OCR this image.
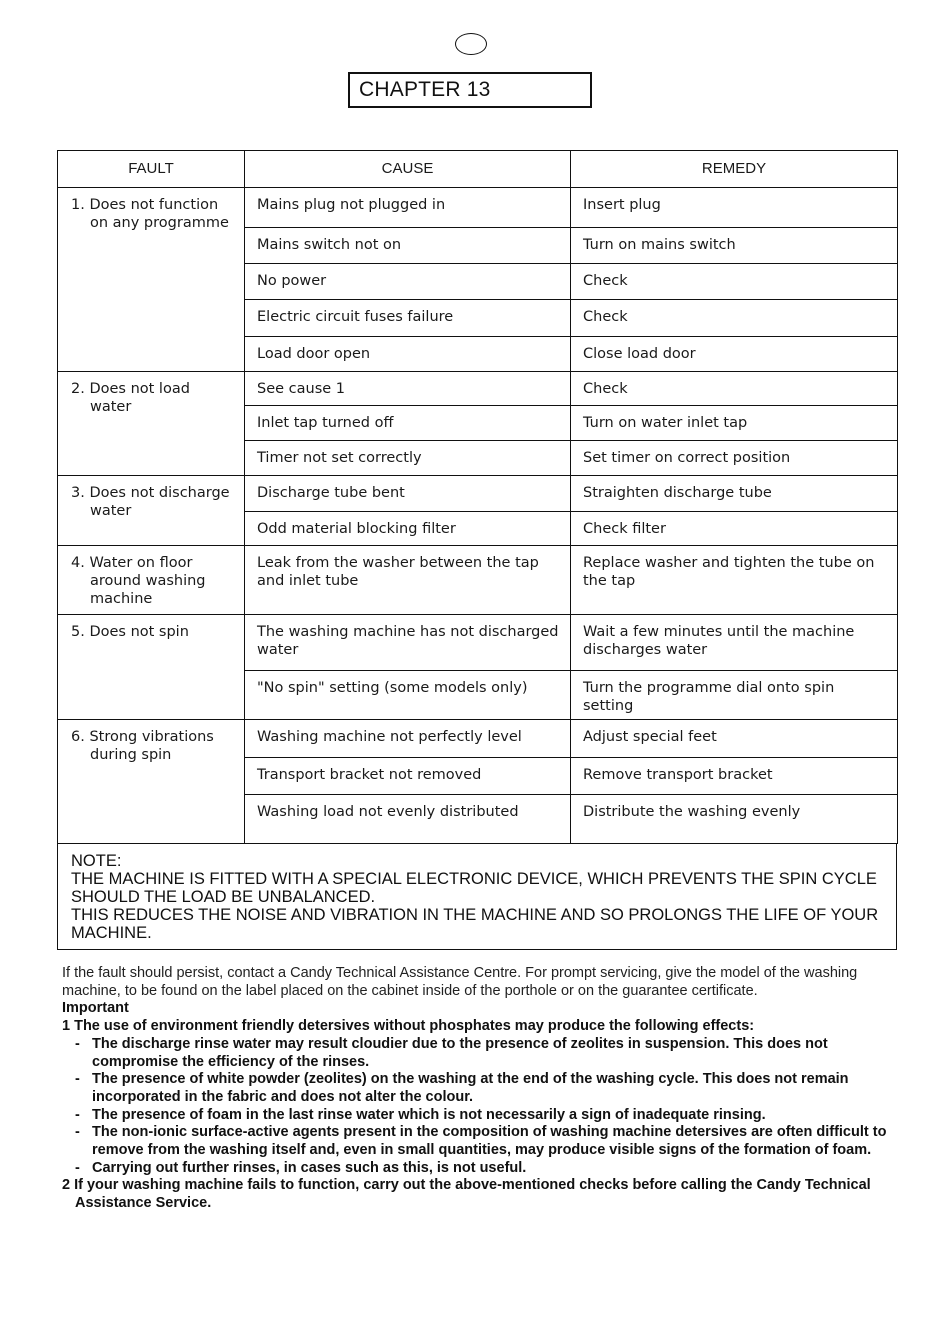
CHAPTER 13
FAULT	CAUSE	REMEDY

1. Does not function on any programme	Mains plug not plugged in	Insert plug
	Mains switch not on	Turn on mains switch
	No power	Check
	Electric circuit fuses failure	Check
	Load door open	Close load door

2. Does not load water	See cause 1	Check
	Inlet tap turned off	Turn on water inlet tap
	Timer not set correctly	Set timer on correct position

3. Does not discharge water	Discharge tube bent	Straighten discharge tube
	Odd material blocking filter	Check filter

4. Water on floor around washing machine	Leak from the washer between the tap and inlet tube	Replace washer and tighten the tube on the tap

5. Does not spin	The washing machine has not discharged water	Wait a few minutes until the machine discharges water
	"No spin" setting (some models only)	Turn the programme dial onto spin setting

6. Strong vibrations during spin	Washing machine not perfectly level	Adjust special feet
	Transport bracket not removed	Remove transport bracket
	Washing load not evenly distributed	Distribute the washing evenly
NOTE:
THE MACHINE IS FITTED WITH A SPECIAL ELECTRONIC DEVICE, WHICH PREVENTS THE SPIN CYCLE
SHOULD THE LOAD BE UNBALANCED.
THIS REDUCES THE NOISE AND VIBRATION IN THE MACHINE AND SO PROLONGS THE LIFE OF YOUR
MACHINE.
If the fault should persist, contact a Candy Technical Assistance Centre. For prompt servicing, give the model of the washing machine, to be found on the label placed on the cabinet inside of the porthole or on the guarantee certificate.
Important
1 The use of environment friendly detersives without phosphates may produce the following effects:
- The discharge rinse water may result cloudier due to the presence of zeolites in suspension. This does not compromise the efficiency of the rinses.
- The presence of white powder (zeolites) on the washing at the end of the washing cycle. This does not remain incorporated in the fabric and does not alter the colour.
- The presence of foam in the last rinse water which is not necessarily a sign of inadequate rinsing.
- The non-ionic surface-active agents present in the composition of washing machine detersives are often difficult to remove from the washing itself and, even in small quantities, may produce visible signs of the formation of foam.
- Carrying out further rinses, in cases such as this, is not useful.
2 If your washing machine fails to function, carry out the above-mentioned checks before calling the Candy Technical Assistance Service.
